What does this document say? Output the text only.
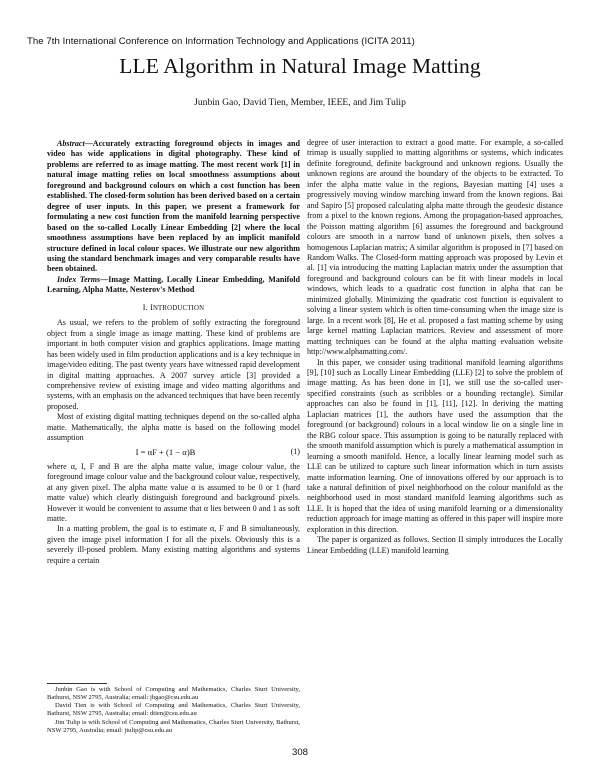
The 7th International Conference on Information Technology and Applications (ICITA 2011)
LLE Algorithm in Natural Image Matting
Junbin Gao, David Tien, Member, IEEE, and Jim Tulip

Abstract—Accurately extracting foreground objects in images and video has wide applications in digital photography. These kind of problems are referred to as image matting. The most recent work [1] in natural image matting relies on local smoothness assumptions about foreground and background colours on which a cost function has been established. The closed-form solution has been derived based on a certain degree of user inputs. In this paper, we present a framework for formulating a new cost function from the manifold learning perspective based on the so-called Locally Linear Embedding [2] where the local smoothness assumptions have been replaced by an implicit manifold structure defined in local colour spaces. We illustrate our new algorithm using the standard benchmark images and very comparable results have been obtained.

Index Terms—Image Matting, Locally Linear Embedding, Manifold Learning, Alpha Matte, Nesterov's Method

I. INTRODUCTION

As usual, we refers to the problem of softly extracting the foreground object from a single image as image matting. These kind of problems are important in both computer vision and graphics applications. Image matting has been widely used in film production applications and is a key technique in image/video editing. The past twenty years have witnessed rapid development in digital matting approaches. A 2007 survey article [3] provided a comprehensive review of existing image and video matting algorithms and systems, with an emphasis on the advanced techniques that have been recently proposed.

Most of existing digital matting techniques depend on the so-called alpha matte. Mathematically, the alpha matte is based on the following model assumption

I = αF + (1 − α)B	(1)

where α, I, F and B are the alpha matte value, image colour value, the foreground image colour value and the background colour value, respectively, at any given pixel. The alpha matte value α is assumed to be 0 or 1 (hard matte value) which clearly distinguish foreground and background pixels. However it would be convenient to assume that α lies between 0 and 1 as soft matte.

In a matting problem, the goal is to estimate α, F and B simultaneously, given the image pixel information I for all the pixels. Obviously this is a severely ill-posed problem. Many existing matting algorithms and systems require a certain

Junbin Gao is with School of Computing and Mathematics, Charles Sturt University, Bathurst, NSW 2795, Australia; email: jbgao@csu.edu.au

David Tien is with School of Computing and Mathematics, Charles Sturt University, Bathurst, NSW 2795, Australia; email: dtien@csu.edu.au

Jim Tulip is with School of Computing and Mathematics, Charles Sturt University, Bathurst, NSW 2795, Australia; email: jtulip@csu.edu.au

degree of user interaction to extract a good matte. For example, a so-called trimap is usually supplied to matting algorithms or systems, which indicates definite foreground, definite background and unknown regions. Usually the unknown regions are around the boundary of the objects to be extracted. To infer the alpha matte value in the regions, Bayesian matting [4] uses a progressively moving window marching inward from the known regions. Bai and Sapiro [5] proposed calculating alpha matte through the geodesic distance from a pixel to the known regions. Among the propagation-based approaches, the Poisson matting algorithm [6] assumes the foreground and background colours are smooth in a narrow band of unknown pixels, then solves a homogenous Laplacian matrix; A similar algorithm is proposed in [7] based on Random Walks. The Closed-form matting approach was proposed by Levin et al. [1] via introducing the matting Laplacian matrix under the assumption that foreground and background colours can be fit with linear models in local windows, which leads to a quadratic cost function in alpha that can be minimized globally. Minimizing the quadratic cost function is equivalent to solving a linear system which is often time-consuming when the image size is large. In a recent work [8], He et al. proposed a fast matting scheme by using large kernel matting Laplacian matrices. Review and assessment of more matting techniques can be found at the alpha matting evaluation website http://www.alphamatting.com/.

In this paper, we consider using traditional manifold learning algorithms [9], [10] such as Locally Linear Embedding (LLE) [2] to solve the problem of image matting. As has been done in [1], we still use the so-called user-specified constraints (such as scribbles or a bounding rectangle). Similar approaches can also be found in [1], [11], [12]. In deriving the matting Laplacian matrices [1], the authors have used the assumption that the foreground (or background) colours in a local window lie on a single line in the RBG colour space. This assumption is going to be naturally replaced with the smooth manifold assumption which is purely a mathematical assumption in learning a smooth manifold. Hence, a locally linear learning model such as LLE can be utilized to capture such linear information which in turn assists matte information learning. One of innovations offered by our approach is to take a natural definition of pixel neighborhood on the colour manifold as the neighborhood used in most standard manifold learning algorithms such as LLE. It is hoped that the idea of using manifold learning or a dimensionality reduction approach for image matting as offered in this paper will inspire more exploration in this direction.

The paper is organized as follows. Section II simply introduces the Locally Linear Embedding (LLE) manifold learning

308
